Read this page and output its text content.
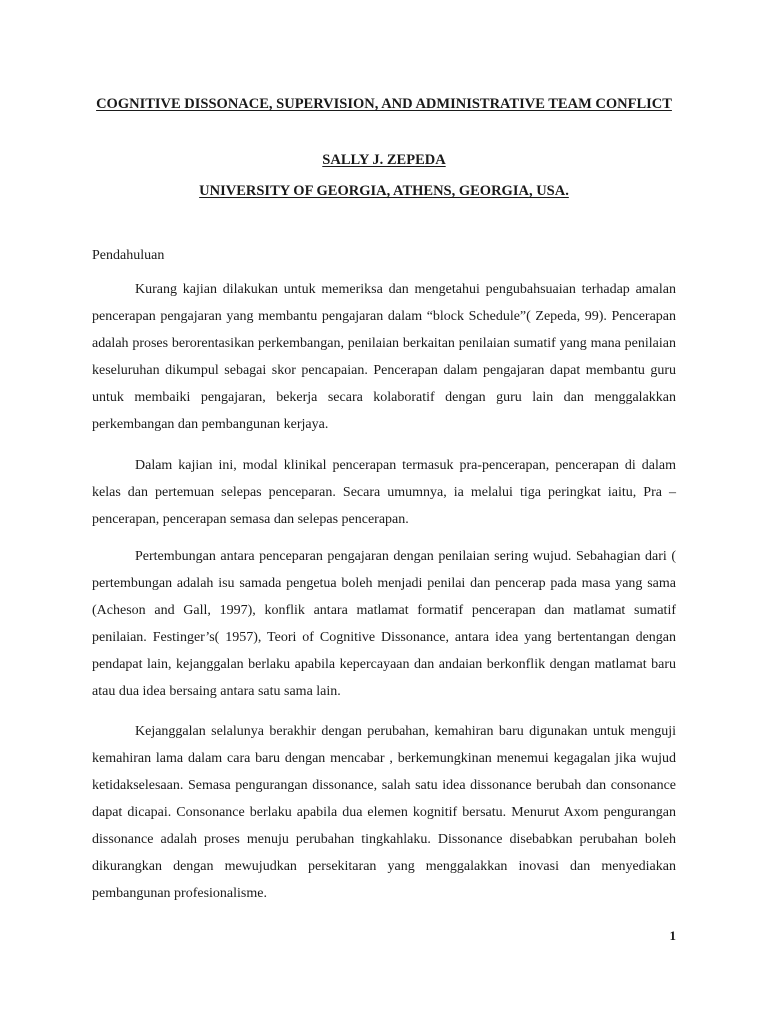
COGNITIVE DISSONACE, SUPERVISION, AND ADMINISTRATIVE TEAM CONFLICT
SALLY J. ZEPEDA
UNIVERSITY OF GEORGIA, ATHENS, GEORGIA, USA.
Pendahuluan

Kurang kajian dilakukan untuk memeriksa dan mengetahui pengubahsuaian terhadap amalan pencerapan pengajaran yang membantu pengajaran dalam “block Schedule”( Zepeda, 99). Pencerapan adalah proses berorentasikan perkembangan, penilaian berkaitan penilaian sumatif yang mana penilaian keseluruhan dikumpul sebagai skor pencapaian. Pencerapan dalam pengajaran dapat membantu guru untuk membaiki pengajaran, bekerja secara kolaboratif dengan guru lain dan menggalakkan perkembangan dan pembangunan kerjaya.

Dalam kajian ini, modal klinikal pencerapan termasuk pra-pencerapan, pencerapan di dalam kelas dan pertemuan selepas penceparan. Secara umumnya, ia melalui tiga peringkat iaitu, Pra – pencerapan, pencerapan semasa dan selepas pencerapan.

Pertembungan antara penceparan pengajaran dengan penilaian sering wujud. Sebahagian dari ( pertembungan adalah isu samada pengetua boleh menjadi penilai dan pencerap pada masa yang sama (Acheson and Gall, 1997), konflik antara matlamat formatif pencerapan dan matlamat sumatif penilaian. Festinger’s( 1957), Teori of Cognitive Dissonance, antara idea yang bertentangan dengan pendapat lain, kejanggalan berlaku apabila kepercayaan dan andaian berkonflik dengan matlamat baru atau dua idea bersaing antara satu sama lain.

Kejanggalan selalunya berakhir dengan perubahan, kemahiran baru digunakan untuk menguji kemahiran lama dalam cara baru dengan mencabar , berkemungkinan menemui kegagalan jika wujud ketidakselesaan. Semasa pengurangan dissonance, salah satu idea dissonance berubah dan consonance dapat dicapai. Consonance berlaku apabila dua elemen kognitif bersatu. Menurut Axom pengurangan dissonance adalah proses menuju perubahan tingkahlaku. Dissonance disebabkan perubahan boleh dikurangkan dengan mewujudkan persekitaran yang menggalakkan inovasi dan menyediakan pembangunan profesionalisme.

1
